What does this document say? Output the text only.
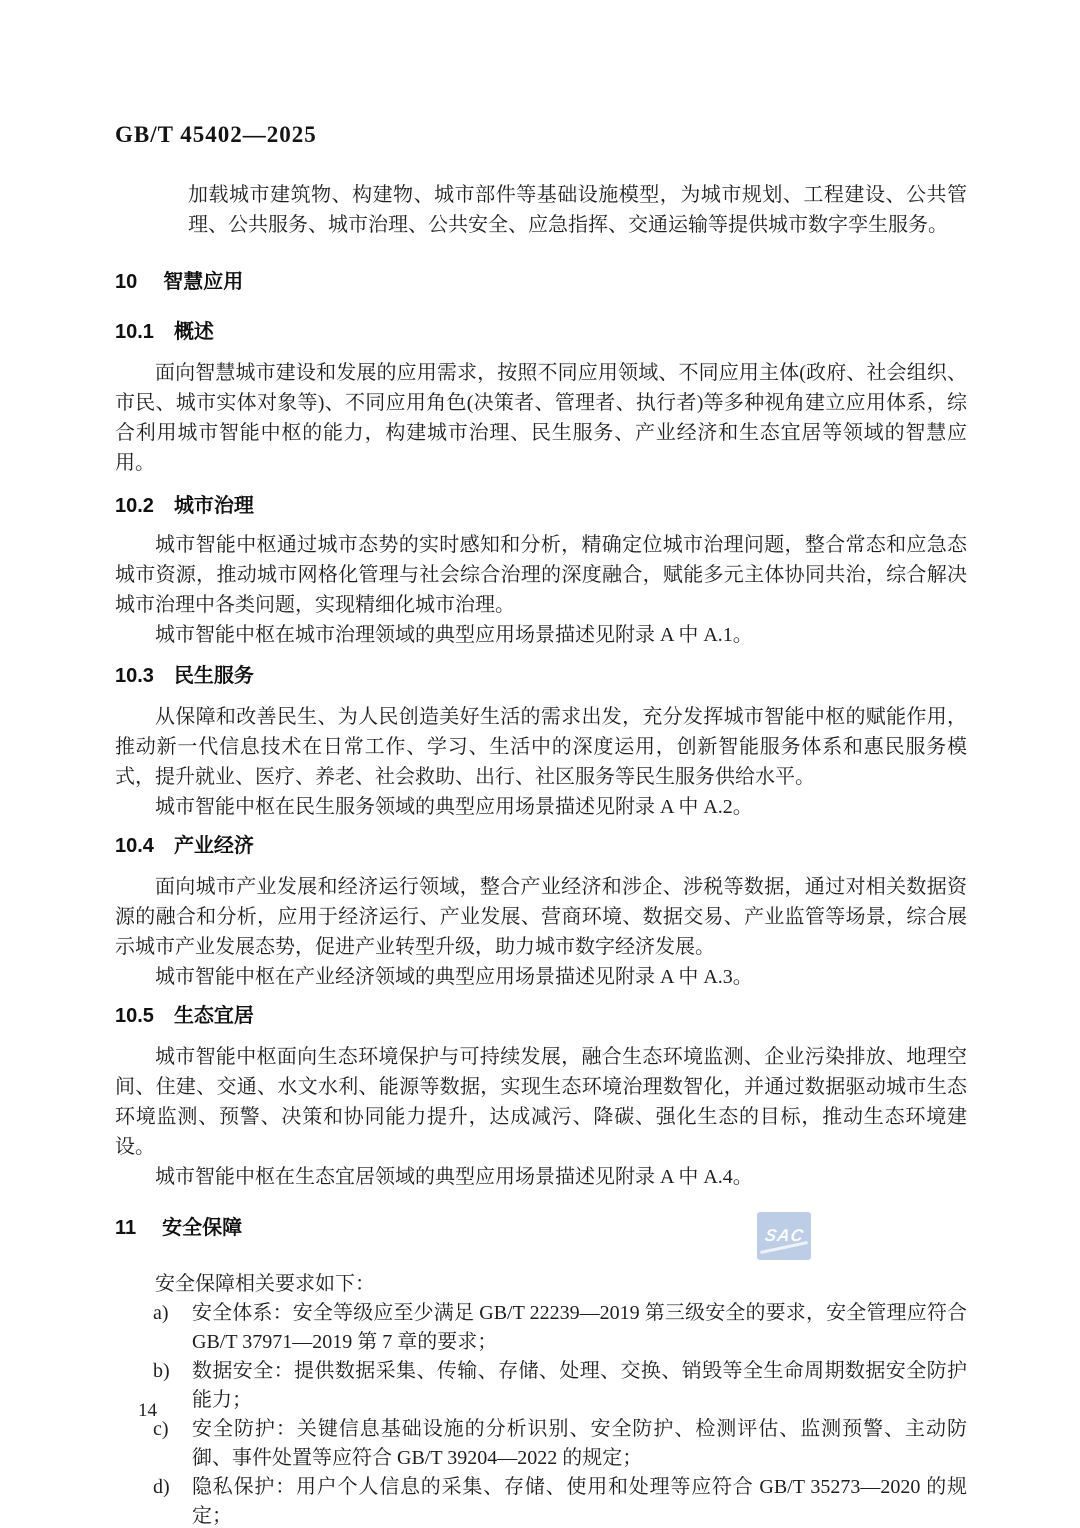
GB/T 45402—2025

加载城市建筑物、构建物、城市部件等基础设施模型，为城市规划、工程建设、公共管理、公共服务、城市治理、公共安全、应急指挥、交通运输等提供城市数字孪生服务。

10 智慧应用
10.1 概述

面向智慧城市建设和发展的应用需求，按照不同应用领域、不同应用主体(政府、社会组织、市民、城市实体对象等)、不同应用角色(决策者、管理者、执行者)等多种视角建立应用体系，综合利用城市智能中枢的能力，构建城市治理、民生服务、产业经济和生态宜居等领域的智慧应用。

10.2 城市治理

城市智能中枢通过城市态势的实时感知和分析，精确定位城市治理问题，整合常态和应急态城市资源，推动城市网格化管理与社会综合治理的深度融合，赋能多元主体协同共治，综合解决城市治理中各类问题，实现精细化城市治理。

城市智能中枢在城市治理领域的典型应用场景描述见附录 A 中 A.1。

10.3 民生服务

从保障和改善民生、为人民创造美好生活的需求出发，充分发挥城市智能中枢的赋能作用，推动新一代信息技术在日常工作、学习、生活中的深度运用，创新智能服务体系和惠民服务模式，提升就业、医疗、养老、社会救助、出行、社区服务等民生服务供给水平。

城市智能中枢在民生服务领域的典型应用场景描述见附录 A 中 A.2。

10.4 产业经济

面向城市产业发展和经济运行领域，整合产业经济和涉企、涉税等数据，通过对相关数据资源的融合和分析，应用于经济运行、产业发展、营商环境、数据交易、产业监管等场景，综合展示城市产业发展态势，促进产业转型升级，助力城市数字经济发展。

城市智能中枢在产业经济领域的典型应用场景描述见附录 A 中 A.3。

10.5 生态宜居

城市智能中枢面向生态环境保护与可持续发展，融合生态环境监测、企业污染排放、地理空间、住建、交通、水文水利、能源等数据，实现生态环境治理数智化，并通过数据驱动城市生态环境监测、预警、决策和协同能力提升，达成减污、降碳、强化生态的目标，推动生态环境建设。

城市智能中枢在生态宜居领域的典型应用场景描述见附录 A 中 A.4。

11 安全保障

安全保障相关要求如下：

a) 安全体系：安全等级应至少满足 GB/T 22239—2019 第三级安全的要求，安全管理应符合 GB/T 37971—2019 第 7 章的要求；
b) 数据安全：提供数据采集、传输、存储、处理、交换、销毁等全生命周期数据安全防护能力；
c) 安全防护：关键信息基础设施的分析识别、安全防护、检测评估、监测预警、主动防御、事件处置等应符合 GB/T 39204—2022 的规定；
d) 隐私保护：用户个人信息的采集、存储、使用和处理等应符合 GB/T 35273—2020 的规定；
SAC
14
